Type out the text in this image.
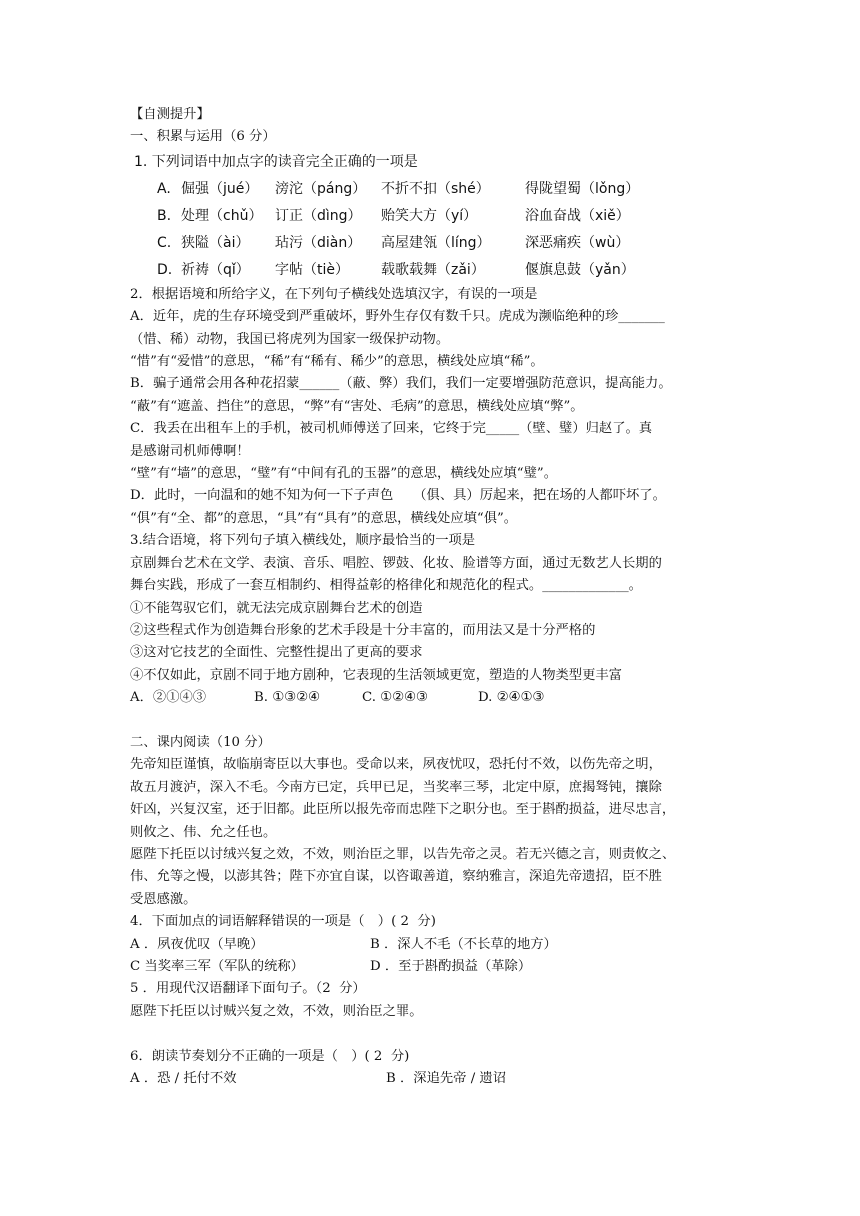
【自测提升】

一、积累与运用（6 分）

1. 下列词语中加点字的读音完全正确的一项是
A. 倔强（jué）	滂沱（páng）	不折不扣（shé）	得陇望蜀（lǒng）
B. 处理（chǔ） 订正（dìng）	贻笑大方（yí）	浴血奋战（xiě）
C. 狭隘（ài）	玷污（diàn）	高屋建瓴（líng）	深恶痛疾（wù）
D. 祈祷（qǐ）	字帖（tiè）	载歌载舞（zǎi）	偃旗息鼓（yǎn）

2．根据语境和所给字义，在下列句子横线处选填汉字，有误的一项是

A．近年，虎的生存环境受到严重破坏，野外生存仅有数千只。虎成为濒临绝种的珍_______

（惜、稀）动物，我国已将虎列为国家一级保护动物。

“惜”有“爱惜”的意思，“稀”有“稀有、稀少”的意思，横线处应填“稀”。

B．骗子通常会用各种花招蒙______（蔽、弊）我们，我们一定要增强防范意识，提高能力。

“蔽”有“遮盖、挡住”的意思，“弊”有“害处、毛病”的意思，横线处应填“弊”。

C．我丢在出租车上的手机，被司机师傅送了回来，它终于完_____（壁、璧）归赵了。真

是感谢司机师傅啊！

“壁”有“墙”的意思，“璧”有“中间有孔的玉器”的意思，横线处应填“璧”。

D．此时，一向温和的她不知为何一下子声色　　（俱、具）厉起来，把在场的人都吓坏了。

“俱”有“全、都”的意思，“具”有“具有”的意思，横线处应填“俱”。

3.结合语境，将下列句子填入横线处，顺序最恰当的一项是

京剧舞台艺术在文学、表演、音乐、唱腔、锣鼓、化妆、脸谱等方面，通过无数艺人长期的

舞台实践，形成了一套互相制约、相得益彰的格律化和规范化的程式。_____________。

①不能驾驭它们，就无法完成京剧舞台艺术的创造

②这些程式作为创造舞台形象的艺术手段是十分丰富的，而用法又是十分严格的

③这对它技艺的全面性、完整性提出了更高的要求

④不仅如此，京剧不同于地方剧种，它表现的生活领域更宽，塑造的人物类型更丰富

A．②①④③	B. ①③②④	C. ①②④③	D. ②④①③

二、课内阅读（10 分）

先帝知臣谨慎，故临崩寄臣以大事也。受命以来，夙夜忧叹，恐托付不效，以伤先帝之明，

故五月渡泸，深入不毛。今南方已定，兵甲已足，当奖率三琴，北定中原，庶揭驽钝，攘除

奸凶，兴复汉室，还于旧都。此臣所以报先帝而忠陛下之职分也。至于斟酌损益，进尽忠言，

则攸之、伟、允之任也。

愿陛下托臣以讨绒兴复之效，不效，则治臣之罪，以告先帝之灵。若无兴德之言，则责攸之、

伟、允等之慢，以澎其咎；陛下亦宜自谋，以咨诹善道，察纳雅言，深追先帝遗招，臣不胜

受恩感激。

4．下面加点的词语解释错误的一项是（　）( 2  分)

A ．夙夜优叹（早晚）	B ．深人不毛（不长草的地方）
C 当奖率三军（军队的统称）	D ．至于斟酌损益（革除）

5 ．用现代汉语翻译下面句子。（2  分）

愿陛下托臣以讨贼兴复之效，不效，则治臣之罪。

6．朗读节奏划分不正确的一项是（　）( 2  分)

A ．恐 / 托付不效	B ．深追先帝 / 遗诏
